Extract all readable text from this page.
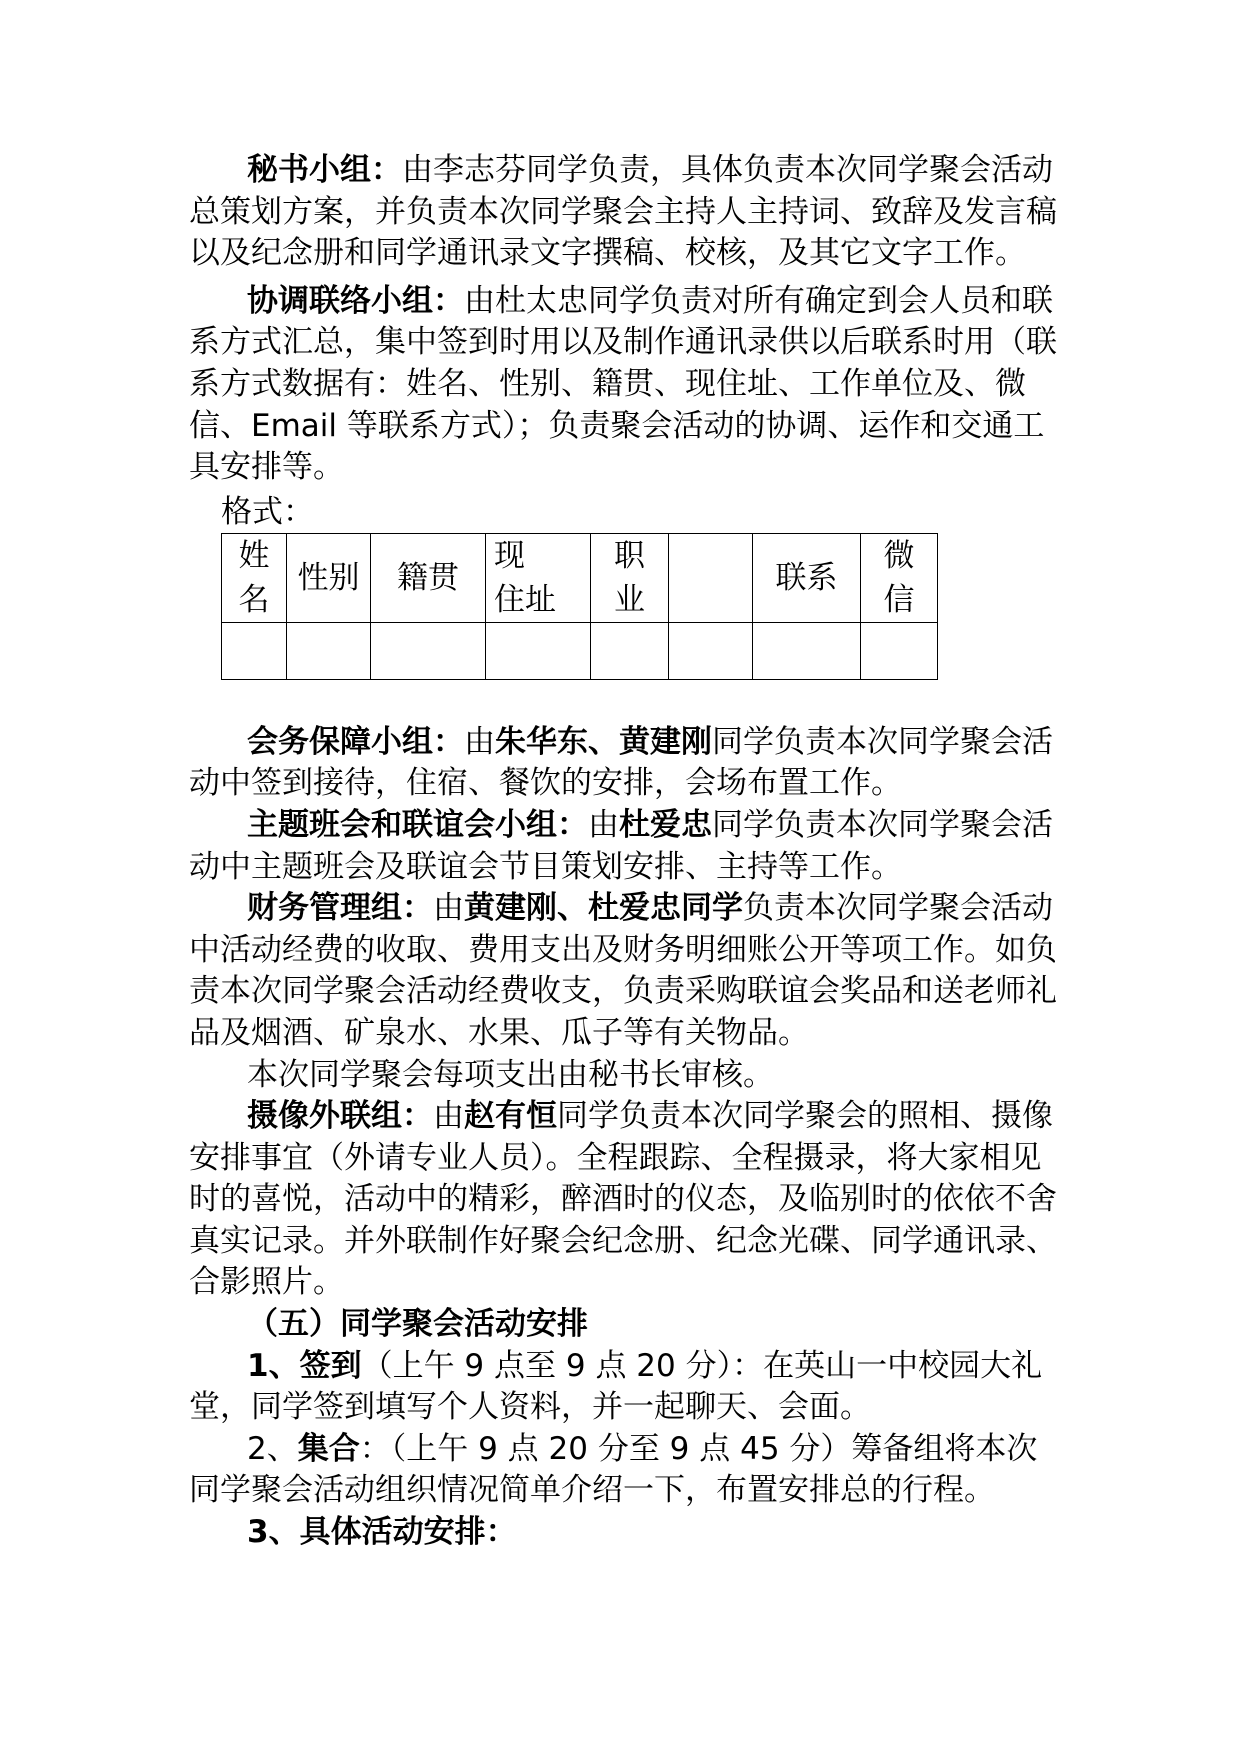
秘书小组：由李志芬同学负责，具体负责本次同学聚会活动总策划方案，并负责本次同学聚会主持人主持词、致辞及发言稿以及纪念册和同学通讯录文字撰稿、校核，及其它文字工作。

协调联络小组：由杜太忠同学负责对所有确定到会人员和联系方式汇总，集中签到时用以及制作通讯录供以后联系时用（联系方式数据有：姓名、性别、籍贯、现住址、工作单位及、微信、Email 等联系方式）；负责聚会活动的协调、运作和交通工具安排等。

格式：
姓名	性别	籍贯	现　住址	职业		联系	微信

会务保障小组：由朱华东、黄建刚同学负责本次同学聚会活动中签到接待，住宿、餐饮的安排，会场布置工作。

主题班会和联谊会小组：由杜爱忠同学负责本次同学聚会活动中主题班会及联谊会节目策划安排、主持等工作。

财务管理组：由黄建刚、杜爱忠同学负责本次同学聚会活动中活动经费的收取、费用支出及财务明细账公开等项工作。如负责本次同学聚会活动经费收支，负责采购联谊会奖品和送老师礼品及烟酒、矿泉水、水果、瓜子等有关物品。

本次同学聚会每项支出由秘书长审核。

摄像外联组：由赵有恒同学负责本次同学聚会的照相、摄像安排事宜（外请专业人员）。全程跟踪、全程摄录，将大家相见时的喜悦，活动中的精彩，醉酒时的仪态，及临别时的依依不舍真实记录。并外联制作好聚会纪念册、纪念光碟、同学通讯录、合影照片。

（五）同学聚会活动安排

1、签到（上午 9 点至 9 点 20 分）：在英山一中校园大礼堂，同学签到填写个人资料，并一起聊天、会面。

2、集合：（上午 9 点 20 分至 9 点 45 分）筹备组将本次同学聚会活动组织情况简单介绍一下，布置安排总的行程。

3、具体活动安排：
